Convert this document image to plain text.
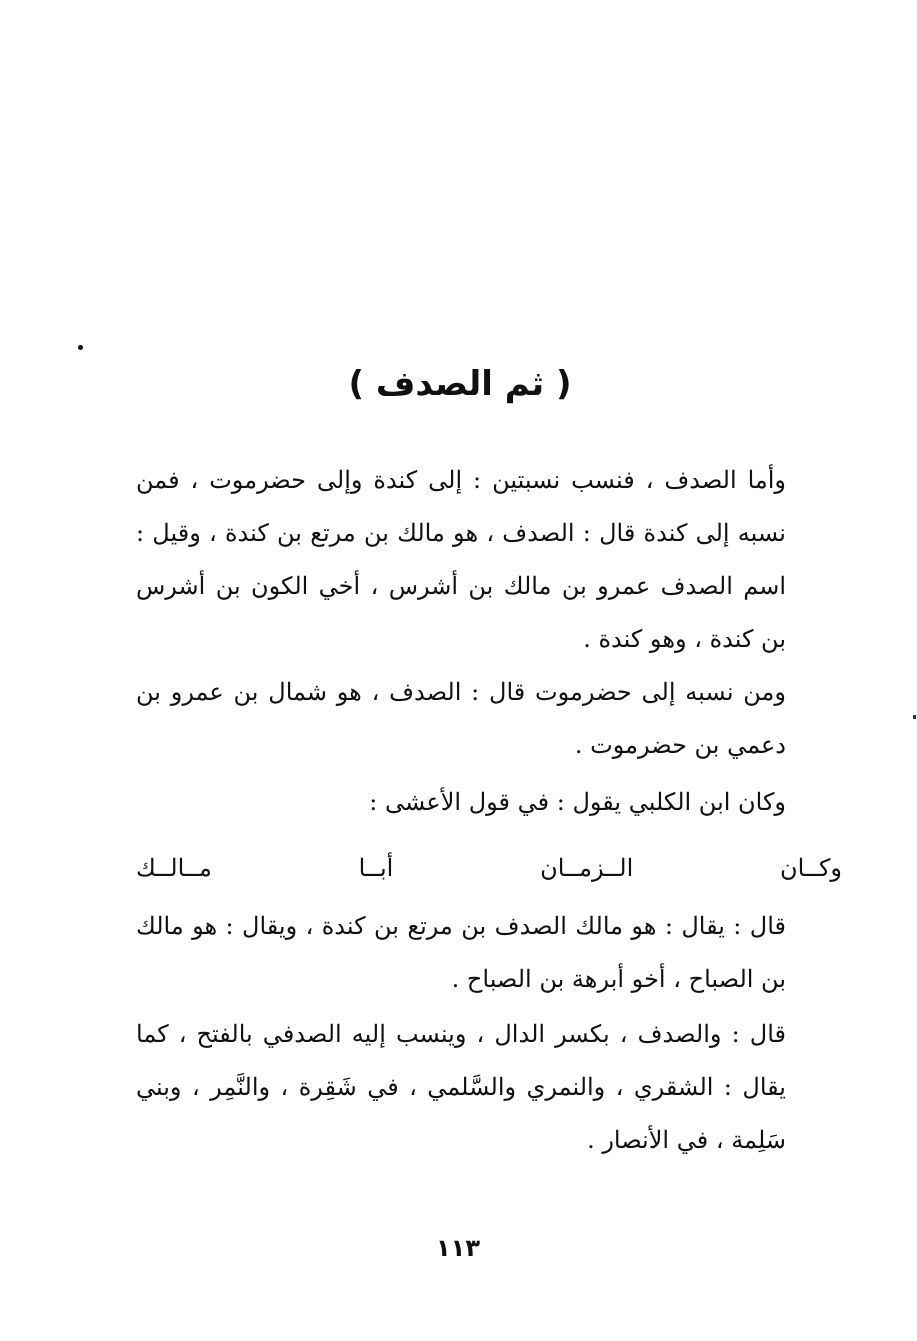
( ثم الصدف )

وأما الصدف ، فنسب نسبتين : إلى كندة وإلى حضرموت ، فمن نسبه إلى كندة قال : الصدف ، هو مالك بن مرتع بن كندة ، وقيل : اسم الصدف عمرو بن مالك بن أشرس ، أخي الكون بن أشرس بن كندة ، وهو كندة .

ومن نسبه إلى حضرموت قال : الصدف ، هو شمال بن عمرو بن دعمي بن حضرموت .

وكان ابن الكلبي يقول : في قول الأعشى :

وكــان
الــزمــان
أبــا
مــالــك

قال : يقال : هو مالك الصدف بن مرتع بن كندة ، ويقال : هو مالك بن الصباح ، أخو أبرهة بن الصباح .

قال : والصدف ، بكسر الدال ، وينسب إليه الصدفي بالفتح ، كما يقال : الشقري ، والنمري والسَّلمي ، في شَقِرة ، والنَّمِر ، وبني سَلِمة ، في الأنصار .

١١٣
